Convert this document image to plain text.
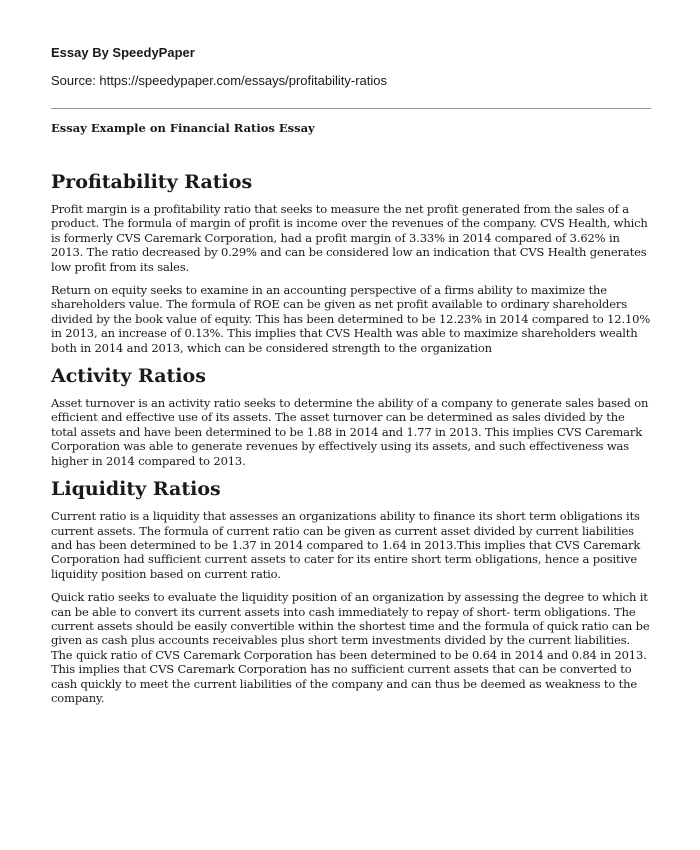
Essay By SpeedyPaper
Source: https://speedypaper.com/essays/profitability-ratios
Essay Example on Financial Ratios Essay
Profitability Ratios

Profit margin is a profitability ratio that seeks to measure the net profit generated from the sales of a product. The formula of margin of profit is income over the revenues of the company. CVS Health, which is formerly CVS Caremark Corporation, had a profit margin of 3.33% in 2014 compared of 3.62% in 2013. The ratio decreased by 0.29% and can be considered low an indication that CVS Health generates low profit from its sales.

Return on equity seeks to examine in an accounting perspective of a firms ability to maximize the shareholders value. The formula of ROE can be given as net profit available to ordinary shareholders divided by the book value of equity. This has been determined to be 12.23% in 2014 compared to 12.10% in 2013, an increase of 0.13%. This implies that CVS Health was able to maximize shareholders wealth both in 2014 and 2013, which can be considered strength to the organization

Activity Ratios

Asset turnover is an activity ratio seeks to determine the ability of a company to generate sales based on efficient and effective use of its assets. The asset turnover can be determined as sales divided by the total assets and have been determined to be 1.88 in 2014 and 1.77 in 2013. This implies CVS Caremark Corporation was able to generate revenues by effectively using its assets, and such effectiveness was higher in 2014 compared to 2013.

Liquidity Ratios

Current ratio is a liquidity that assesses an organizations ability to finance its short term obligations its current assets. The formula of current ratio can be given as current asset divided by current liabilities and has been determined to be 1.37 in 2014 compared to 1.64 in 2013.This implies that CVS Caremark Corporation had sufficient current assets to cater for its entire short term obligations, hence a positive liquidity position based on current ratio.

Quick ratio seeks to evaluate the liquidity position of an organization by assessing the degree to which it can be able to convert its current assets into cash immediately to repay of short- term obligations. The current assets should be easily convertible within the shortest time and the formula of quick ratio can be given as cash plus accounts receivables plus short term investments divided by the current liabilities. The quick ratio of CVS Caremark Corporation has been determined to be 0.64 in 2014 and 0.84 in 2013. This implies that CVS Caremark Corporation has no sufficient current assets that can be converted to cash quickly to meet the current liabilities of the company and can thus be deemed as weakness to the company.
